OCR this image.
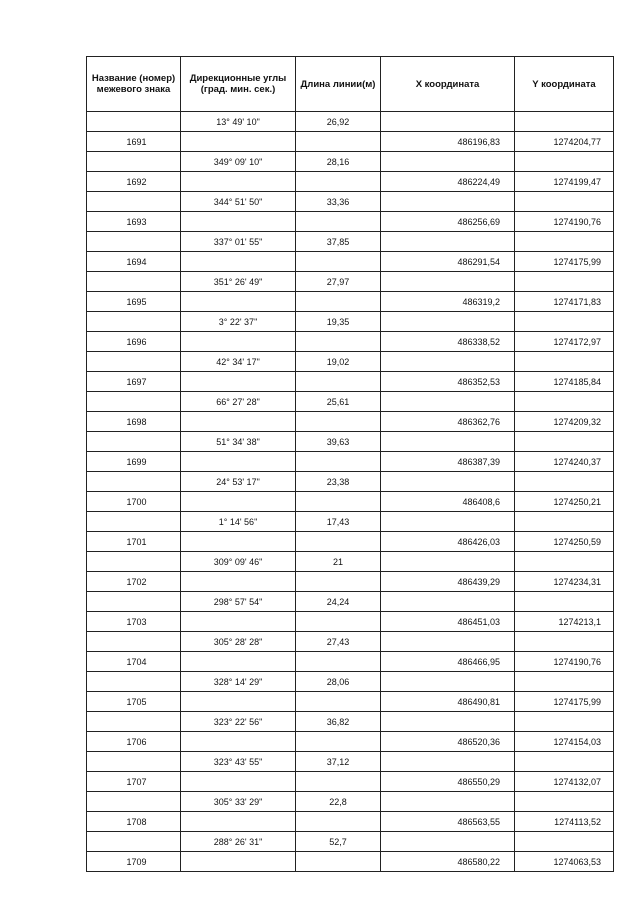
Название (номер) межевого знака	Дирекционные углы (град. мин. сек.)	Длина линии(м)	X координата	Y координата
	13° 49' 10"	26,92		
1691			486196,83	1274204,77
	349° 09' 10"	28,16		
1692			486224,49	1274199,47
	344° 51' 50"	33,36		
1693			486256,69	1274190,76
	337° 01' 55"	37,85		
1694			486291,54	1274175,99
	351° 26' 49"	27,97		
1695			486319,2	1274171,83
	3° 22' 37"	19,35		
1696			486338,52	1274172,97
	42° 34' 17"	19,02		
1697			486352,53	1274185,84
	66° 27' 28"	25,61		
1698			486362,76	1274209,32
	51° 34' 38"	39,63		
1699			486387,39	1274240,37
	24° 53' 17"	23,38		
1700			486408,6	1274250,21
	1° 14' 56"	17,43		
1701			486426,03	1274250,59
	309° 09' 46"	21		
1702			486439,29	1274234,31
	298° 57' 54"	24,24		
1703			486451,03	1274213,1
	305° 28' 28"	27,43		
1704			486466,95	1274190,76
	328° 14' 29"	28,06		
1705			486490,81	1274175,99
	323° 22' 56"	36,82		
1706			486520,36	1274154,03
	323° 43' 55"	37,12		
1707			486550,29	1274132,07
	305° 33' 29"	22,8		
1708			486563,55	1274113,52
	288° 26' 31"	52,7		
1709			486580,22	1274063,53
